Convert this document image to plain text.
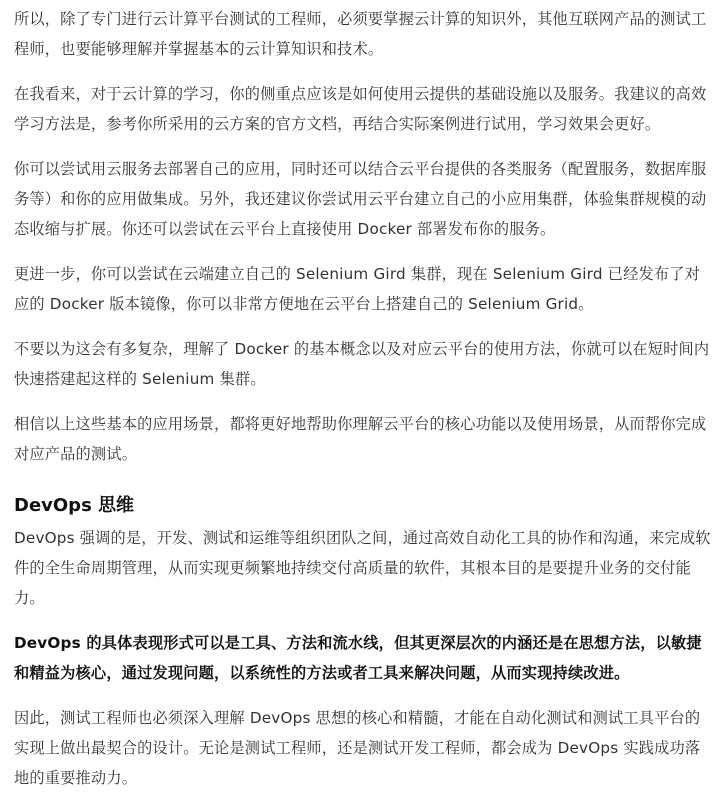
所以，除了专门进行云计算平台测试的工程师，必须要掌握云计算的知识外，其他互联网产品的测试工程师，也要能够理解并掌握基本的云计算知识和技术。

在我看来，对于云计算的学习，你的侧重点应该是如何使用云提供的基础设施以及服务。我建议的高效学习方法是，参考你所采用的云方案的官方文档，再结合实际案例进行试用，学习效果会更好。

你可以尝试用云服务去部署自己的应用，同时还可以结合云平台提供的各类服务（配置服务，数据库服务等）和你的应用做集成。另外，我还建议你尝试用云平台建立自己的小应用集群，体验集群规模的动态收缩与扩展。你还可以尝试在云平台上直接使用 Docker 部署发布你的服务。

更进一步，你可以尝试在云端建立自己的 Selenium Gird 集群，现在 Selenium Gird 已经发布了对应的 Docker 版本镜像，你可以非常方便地在云平台上搭建自己的 Selenium Grid。

不要以为这会有多复杂，理解了 Docker 的基本概念以及对应云平台的使用方法，你就可以在短时间内快速搭建起这样的 Selenium 集群。

相信以上这些基本的应用场景，都将更好地帮助你理解云平台的核心功能以及使用场景，从而帮你完成对应产品的测试。

DevOps 思维

DevOps 强调的是，开发、测试和运维等组织团队之间，通过高效自动化工具的协作和沟通，来完成软件的全生命周期管理，从而实现更频繁地持续交付高质量的软件，其根本目的是要提升业务的交付能力。

DevOps 的具体表现形式可以是工具、方法和流水线，但其更深层次的内涵还是在思想方法，以敏捷和精益为核心，通过发现问题，以系统性的方法或者工具来解决问题，从而实现持续改进。

因此，测试工程师也必须深入理解 DevOps 思想的核心和精髓，才能在自动化测试和测试工具平台的实现上做出最契合的设计。无论是测试工程师，还是测试开发工程师，都会成为 DevOps 实践成功落地的重要推动力。
